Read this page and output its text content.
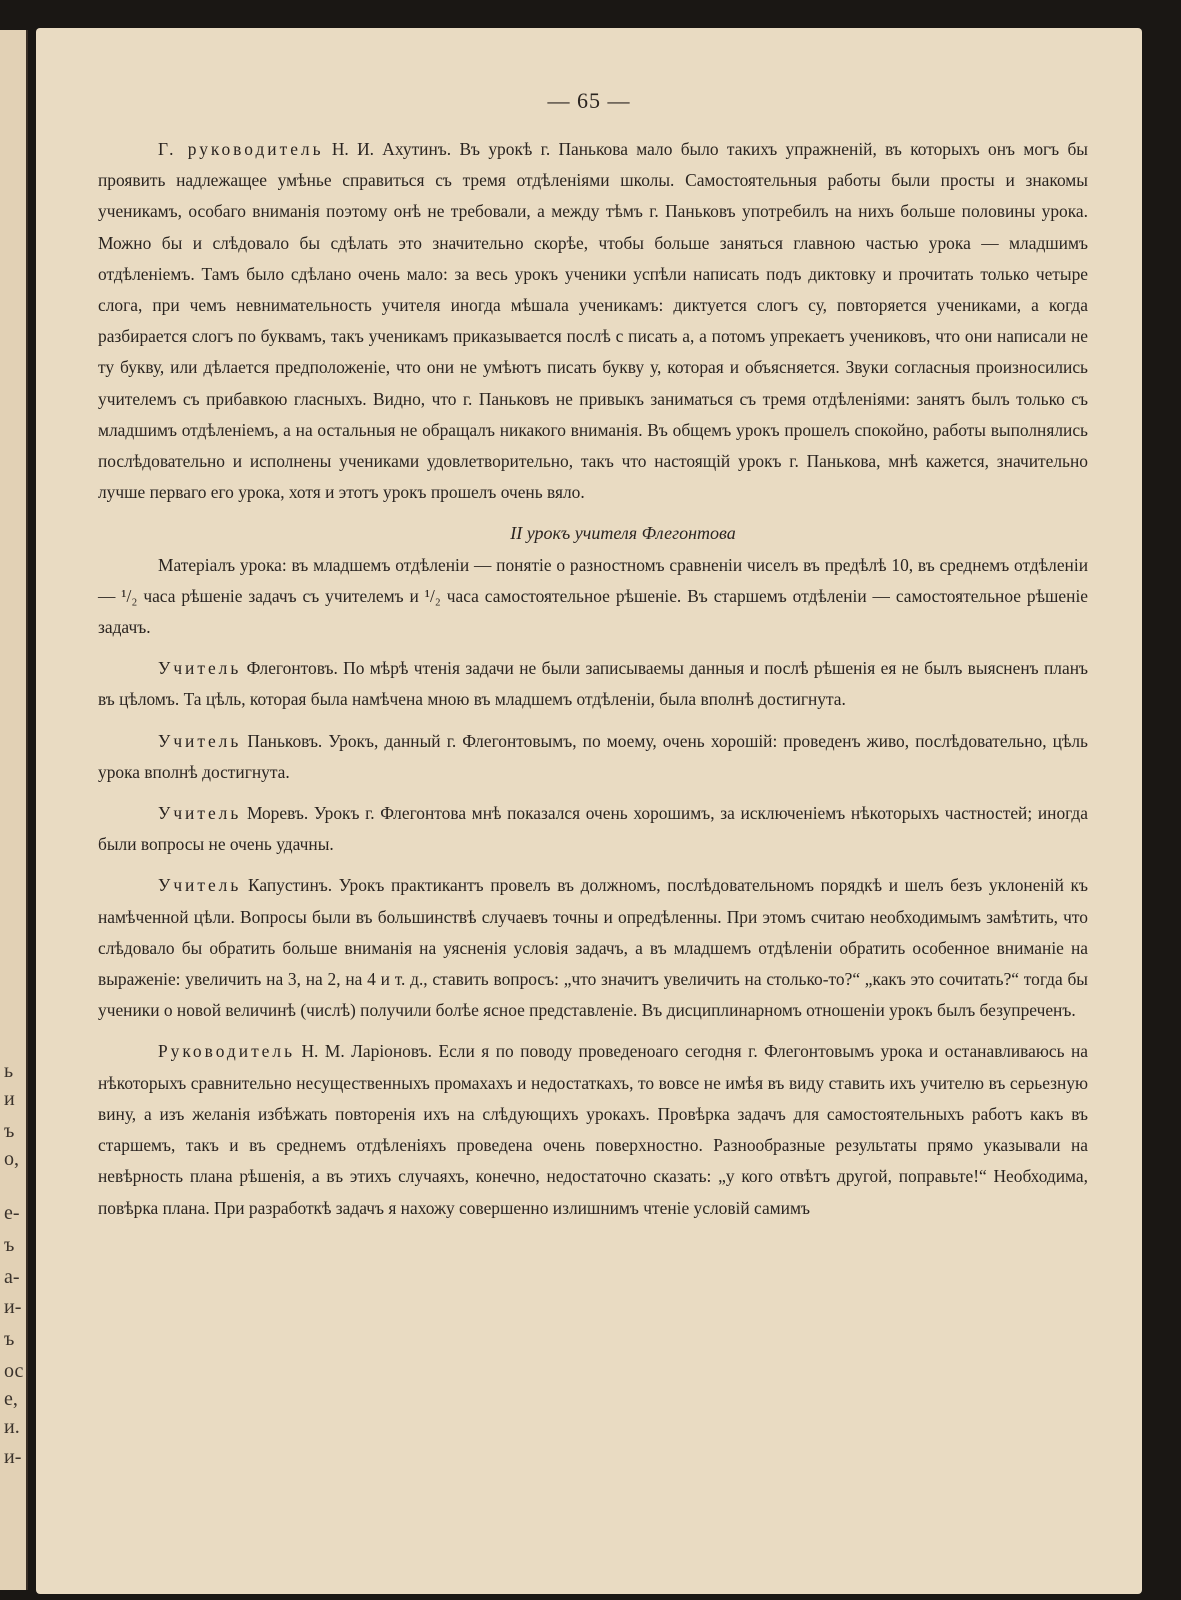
ь
и
ъ
о,
е-
ъ
а-
и-
ъ
ос
е,
и.
и-
— 65 —

Г. руководитель Н. И. Ахутинъ. Въ урокѣ г. Панькова мало было такихъ упражненій, въ которыхъ онъ могъ бы проявить надлежащее умѣнье справиться съ тремя отдѣленіями школы. Самостоятельныя работы были просты и знакомы ученикамъ, особаго вниманія поэтому онѣ не требовали, а между тѣмъ г. Паньковъ употребилъ на нихъ больше половины урока. Можно бы и слѣдовало бы сдѣлать это значительно скорѣе, чтобы больше заняться главною частью урока — младшимъ отдѣленіемъ. Тамъ было сдѣлано очень мало: за весь урокъ ученики успѣли написать подъ диктовку и прочитать только четыре слога, при чемъ невнимательность учителя иногда мѣшала ученикамъ: диктуется слогъ су, повторяется учениками, а когда разбирается слогъ по буквамъ, такъ ученикамъ приказывается послѣ с писать а, а потомъ упрекаетъ учениковъ, что они написали не ту букву, или дѣлается предположеніе, что они не умѣютъ писать букву у, которая и объясняется. Звуки согласныя произносились учителемъ съ прибавкою гласныхъ. Видно, что г. Паньковъ не привыкъ заниматься съ тремя отдѣленіями: занятъ былъ только съ младшимъ отдѣленіемъ, а на остальныя не обращалъ никакого вниманія. Въ общемъ урокъ прошелъ спокойно, работы выполнялись послѣдовательно и исполнены учениками удовлетворительно, такъ что настоящій урокъ г. Панькова, мнѣ кажется, значительно лучше перваго его урока, хотя и этотъ урокъ прошелъ очень вяло.

II урокъ учителя Флегонтова

Матеріалъ урока: въ младшемъ отдѣленіи — понятіе о разностномъ сравненіи чиселъ въ предѣлѣ 10, въ среднемъ отдѣленіи — ¹/₂ часа рѣшеніе задачъ съ учителемъ и ¹/₂ часа самостоятельное рѣшеніе. Въ старшемъ отдѣленіи — самостоятельное рѣшеніе задачъ.

Учитель Флегонтовъ. По мѣрѣ чтенія задачи не были записываемы данныя и послѣ рѣшенія ея не былъ выясненъ планъ въ цѣломъ. Та цѣль, которая была намѣчена мною въ младшемъ отдѣленіи, была вполнѣ достигнута.

Учитель Паньковъ. Урокъ, данный г. Флегонтовымъ, по моему, очень хорошій: проведенъ живо, послѣдовательно, цѣль урока вполнѣ достигнута.

Учитель Моревъ. Урокъ г. Флегонтова мнѣ показался очень хорошимъ, за исключеніемъ нѣкоторыхъ частностей; иногда были вопросы не очень удачны.

Учитель Капустинъ. Урокъ практикантъ провелъ въ должномъ, послѣдовательномъ порядкѣ и шелъ безъ уклоненій къ намѣченной цѣли. Вопросы были въ большинствѣ случаевъ точны и опредѣленны. При этомъ считаю необходимымъ замѣтить, что слѣдовало бы обратить больше вниманія на уясненія условія задачъ, а въ младшемъ отдѣленіи обратить особенное вниманіе на выраженіе: увеличить на 3, на 2, на 4 и т. д., ставить вопросъ: „что значитъ увеличить на столько-то?“ „какъ это сочитать?“ тогда бы ученики о новой величинѣ (числѣ) получили болѣе ясное представленіе. Въ дисциплинарномъ отношеніи урокъ былъ безупреченъ.

Руководитель Н. М. Ларіоновъ. Если я по поводу проведеноаго сегодня г. Флегонтовымъ урока и останавливаюсь на нѣкоторыхъ сравнительно несущественныхъ промахахъ и недостаткахъ, то вовсе не имѣя въ виду ставить ихъ учителю въ серьезную вину, а изъ желанія избѣжать повторенія ихъ на слѣдующихъ урокахъ. Провѣрка задачъ для самостоятельныхъ работъ какъ въ старшемъ, такъ и въ среднемъ отдѣленіяхъ проведена очень поверхностно. Разнообразные результаты прямо указывали на невѣрность плана рѣшенія, а въ этихъ случаяхъ, конечно, недостаточно сказать: „у кого отвѣтъ другой, поправьте!“ Необходима, повѣрка плана. При разработкѣ задачъ я нахожу совершенно излишнимъ чтеніе условій самимъ
